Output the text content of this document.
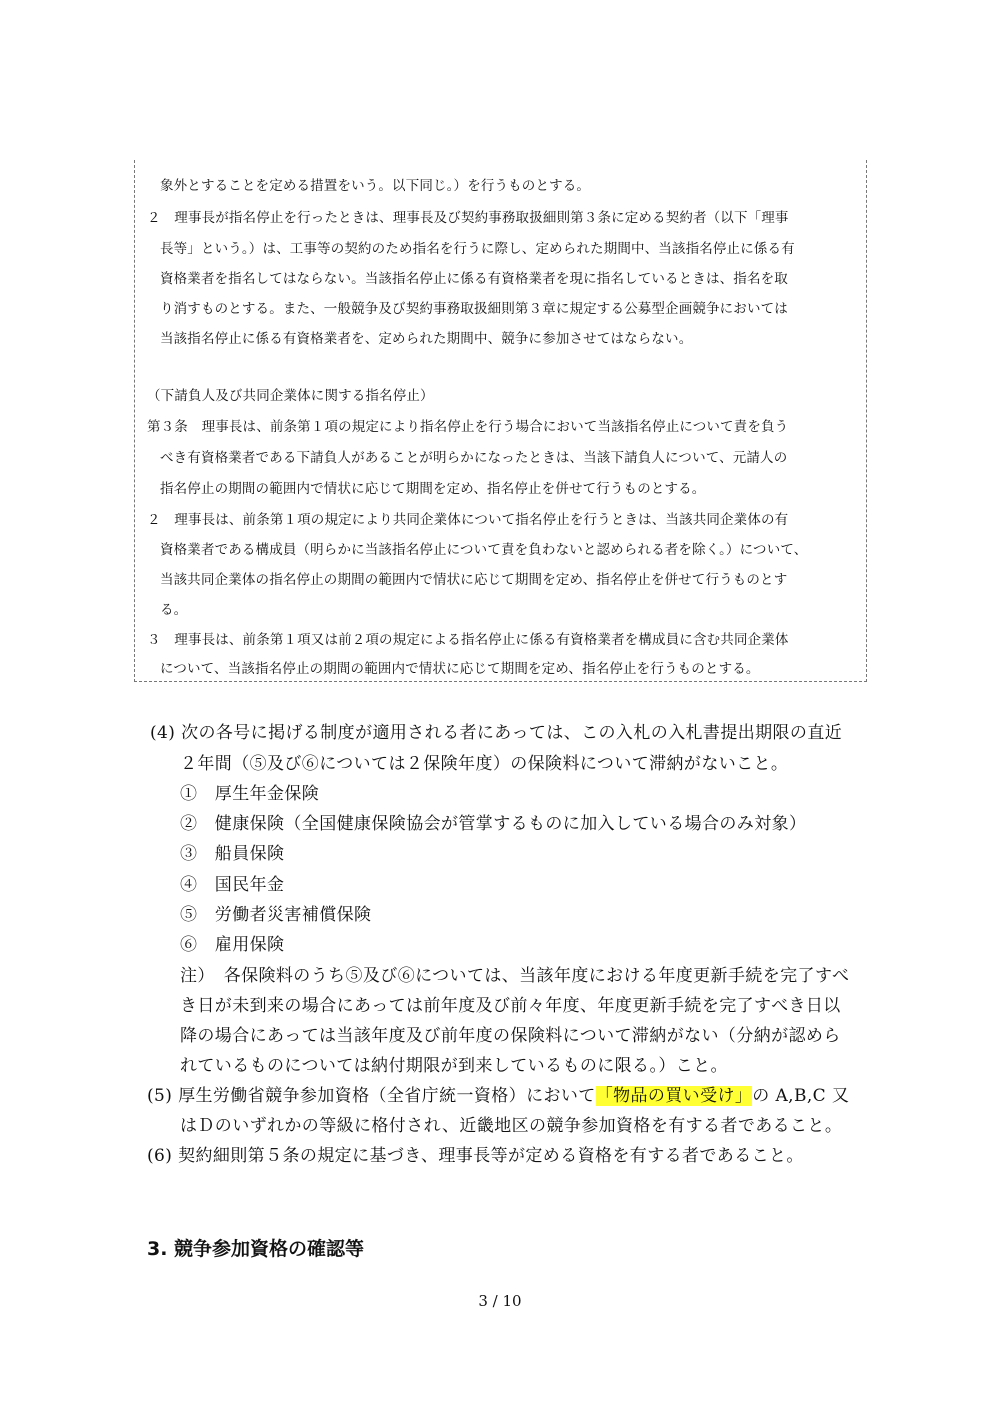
象外とすることを定める措置をいう。以下同じ。）を行うものとする。
２　理事長が指名停止を行ったときは、理事長及び契約事務取扱細則第３条に定める契約者（以下「理事
長等」という。）は、工事等の契約のため指名を行うに際し、定められた期間中、当該指名停止に係る有
資格業者を指名してはならない。当該指名停止に係る有資格業者を現に指名しているときは、指名を取
り消すものとする。また、一般競争及び契約事務取扱細則第３章に規定する公募型企画競争においては
当該指名停止に係る有資格業者を、定められた期間中、競争に参加させてはならない。
（下請負人及び共同企業体に関する指名停止）
第３条　理事長は、前条第１項の規定により指名停止を行う場合において当該指名停止について責を負う
べき有資格業者である下請負人があることが明らかになったときは、当該下請負人について、元請人の
指名停止の期間の範囲内で情状に応じて期間を定め、指名停止を併せて行うものとする。
２　理事長は、前条第１項の規定により共同企業体について指名停止を行うときは、当該共同企業体の有
資格業者である構成員（明らかに当該指名停止について責を負わないと認められる者を除く。）について、
当該共同企業体の指名停止の期間の範囲内で情状に応じて期間を定め、指名停止を併せて行うものとす
る。
３　理事長は、前条第１項又は前２項の規定による指名停止に係る有資格業者を構成員に含む共同企業体
について、当該指名停止の期間の範囲内で情状に応じて期間を定め、指名停止を行うものとする。
(4) 次の各号に掲げる制度が適用される者にあっては、この入札の入札書提出期限の直近
２年間（⑤及び⑥については２保険年度）の保険料について滞納がないこと。
①　厚生年金保険
②　健康保険（全国健康保険協会が管掌するものに加入している場合のみ対象）
③　船員保険
④　国民年金
⑤　労働者災害補償保険
⑥　雇用保険
注）　各保険料のうち⑤及び⑥については、当該年度における年度更新手続を完了すべ
き日が未到来の場合にあっては前年度及び前々年度、年度更新手続を完了すべき日以
降の場合にあっては当該年度及び前年度の保険料について滞納がない（分納が認めら
れているものについては納付期限が到来しているものに限る。）こと。
(5) 厚生労働省競争参加資格（全省庁統一資格）において「物品の買い受け」の A,B,C 又
はＤのいずれかの等級に格付され、近畿地区の競争参加資格を有する者であること。
(6) 契約細則第５条の規定に基づき、理事長等が定める資格を有する者であること。
3. 競争参加資格の確認等
3 / 10
